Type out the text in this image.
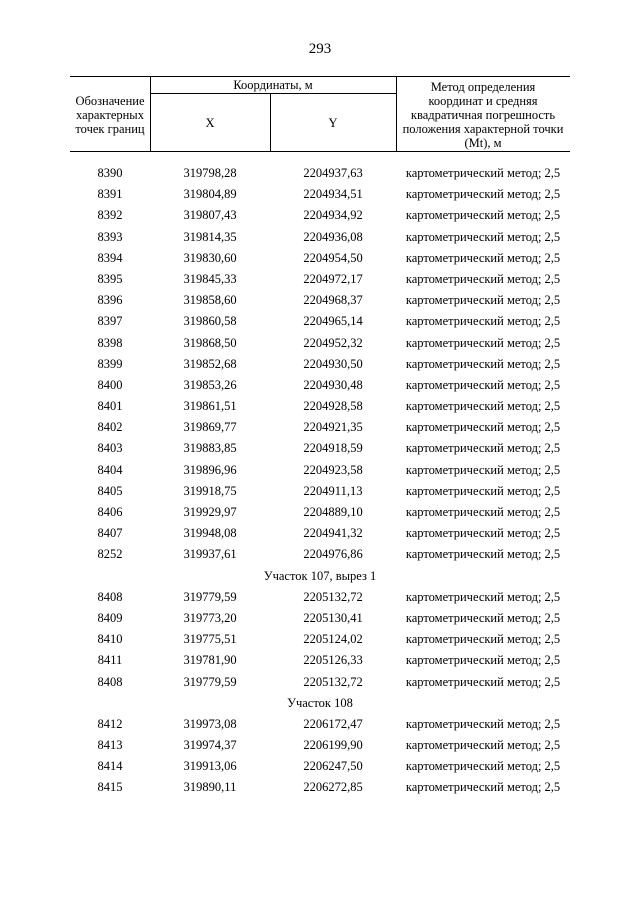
293
Обозначение характерных точек границ
Координаты, м
X	Y
Метод определения координат и средняя квадратичная погрешность положения характерной точки (Mt), м
8390	319798,28	2204937,63	картометрический метод; 2,5
8391	319804,89	2204934,51	картометрический метод; 2,5
8392	319807,43	2204934,92	картометрический метод; 2,5
8393	319814,35	2204936,08	картометрический метод; 2,5
8394	319830,60	2204954,50	картометрический метод; 2,5
8395	319845,33	2204972,17	картометрический метод; 2,5
8396	319858,60	2204968,37	картометрический метод; 2,5
8397	319860,58	2204965,14	картометрический метод; 2,5
8398	319868,50	2204952,32	картометрический метод; 2,5
8399	319852,68	2204930,50	картометрический метод; 2,5
8400	319853,26	2204930,48	картометрический метод; 2,5
8401	319861,51	2204928,58	картометрический метод; 2,5
8402	319869,77	2204921,35	картометрический метод; 2,5
8403	319883,85	2204918,59	картометрический метод; 2,5
8404	319896,96	2204923,58	картометрический метод; 2,5
8405	319918,75	2204911,13	картометрический метод; 2,5
8406	319929,97	2204889,10	картометрический метод; 2,5
8407	319948,08	2204941,32	картометрический метод; 2,5
8252	319937,61	2204976,86	картометрический метод; 2,5
Участок 107, вырез 1
8408	319779,59	2205132,72	картометрический метод; 2,5
8409	319773,20	2205130,41	картометрический метод; 2,5
8410	319775,51	2205124,02	картометрический метод; 2,5
8411	319781,90	2205126,33	картометрический метод; 2,5
8408	319779,59	2205132,72	картометрический метод; 2,5
Участок 108
8412	319973,08	2206172,47	картометрический метод; 2,5
8413	319974,37	2206199,90	картометрический метод; 2,5
8414	319913,06	2206247,50	картометрический метод; 2,5
8415	319890,11	2206272,85	картометрический метод; 2,5
